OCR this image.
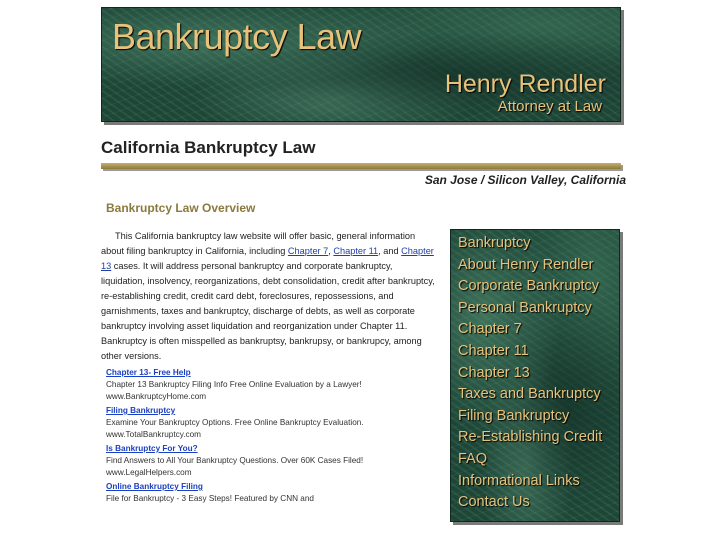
Bankruptcy Law
Henry Rendler
Attorney at Law
California Bankruptcy Law
San Jose / Silicon Valley, California
Bankruptcy Law Overview

This California bankruptcy law website will offer basic, general information about filing bankruptcy in California, including Chapter 7, Chapter 11, and Chapter 13 cases. It will address personal bankruptcy and corporate bankruptcy, liquidation, insolvency, reorganizations, debt consolidation, credit after bankruptcy, re-establishing credit, credit card debt, foreclosures, repossessions, and garnishments, taxes and bankruptcy, discharge of debts, as well as corporate bankruptcy involving asset liquidation and reorganization under Chapter 11. Bankruptcy is often misspelled as bankruptsy, bankrupsy, or bankrupcy, among other versions.

Chapter 13- Free Help
Chapter 13 Bankruptcy Filing Info Free Online Evaluation by a Lawyer!
www.BankruptcyHome.com
Filing Bankruptcy
Examine Your Bankruptcy Options. Free Online Bankruptcy Evaluation.
www.TotalBankruptcy.com
Is Bankruptcy For You?
Find Answers to All Your Bankruptcy Questions. Over 60K Cases Filed!
www.LegalHelpers.com
Online Bankruptcy Filing
File for Bankruptcy - 3 Easy Steps! Featured by CNN and
Bankruptcy
About Henry Rendler
Corporate Bankruptcy
Personal Bankruptcy
Chapter 7
Chapter 11
Chapter 13
Taxes and Bankruptcy
Filing Bankruptcy
Re-Establishing Credit
FAQ
Informational Links
Contact Us
